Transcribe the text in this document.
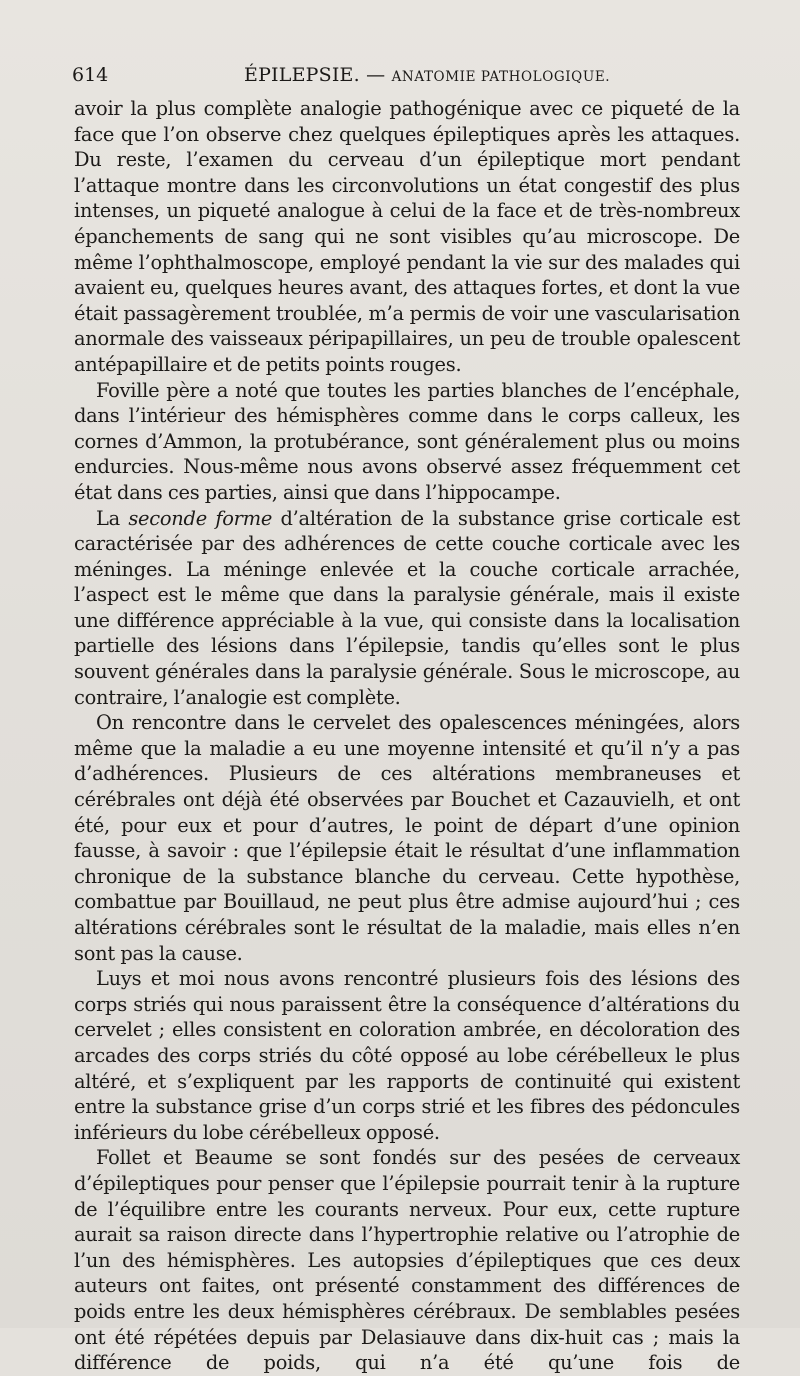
614	ÉPILEPSIE. — ANATOMIE PATHOLOGIQUE.

avoir la plus complète analogie pathogénique avec ce piqueté de la face que l’on observe chez quelques épileptiques après les attaques. Du reste, l’examen du cerveau d’un épileptique mort pendant l’attaque montre dans les circonvolutions un état congestif des plus intenses, un piqueté analogue à celui de la face et de très-nombreux épanchements de sang qui ne sont visibles qu’au microscope. De même l’ophthalmoscope, employé pendant la vie sur des malades qui avaient eu, quelques heures avant, des attaques fortes, et dont la vue était passagèrement troublée, m’a permis de voir une vascularisation anormale des vaisseaux péripapillaires, un peu de trouble opalescent antépapillaire et de petits points rouges.

Foville père a noté que toutes les parties blanches de l’encéphale, dans l’intérieur des hémisphères comme dans le corps calleux, les cornes d’Ammon, la protubérance, sont généralement plus ou moins endurcies. Nous-même nous avons observé assez fréquemment cet état dans ces parties, ainsi que dans l’hippocampe.

La seconde forme d’altération de la substance grise corticale est caractérisée par des adhérences de cette couche corticale avec les méninges. La méninge enlevée et la couche corticale arrachée, l’aspect est le même que dans la paralysie générale, mais il existe une différence appréciable à la vue, qui consiste dans la localisation partielle des lésions dans l’épilepsie, tandis qu’elles sont le plus souvent générales dans la paralysie générale. Sous le microscope, au contraire, l’analogie est complète.

On rencontre dans le cervelet des opalescences méningées, alors même que la maladie a eu une moyenne intensité et qu’il n’y a pas d’adhérences. Plusieurs de ces altérations membraneuses et cérébrales ont déjà été observées par Bouchet et Cazauvielh, et ont été, pour eux et pour d’autres, le point de départ d’une opinion fausse, à savoir : que l’épilepsie était le résultat d’une inflammation chronique de la substance blanche du cerveau. Cette hypothèse, combattue par Bouillaud, ne peut plus être admise aujourd’hui ; ces altérations cérébrales sont le résultat de la maladie, mais elles n’en sont pas la cause.

Luys et moi nous avons rencontré plusieurs fois des lésions des corps striés qui nous paraissent être la conséquence d’altérations du cervelet ; elles consistent en coloration ambrée, en décoloration des arcades des corps striés du côté opposé au lobe cérébelleux le plus altéré, et s’expliquent par les rapports de continuité qui existent entre la substance grise d’un corps strié et les fibres des pédoncules inférieurs du lobe cérébelleux opposé.

Follet et Beaume se sont fondés sur des pesées de cerveaux d’épileptiques pour penser que l’épilepsie pourrait tenir à la rupture de l’équilibre entre les courants nerveux. Pour eux, cette rupture aurait sa raison directe dans l’hypertrophie relative ou l’atrophie de l’un des hémisphères. Les autopsies d’épileptiques que ces deux auteurs ont faites, ont présenté constamment des différences de poids entre les deux hémisphères cérébraux. De semblables pesées ont été répétées depuis par Delasiauve dans dix-huit cas ; mais la différence de poids, qui n’a été qu’une fois de
